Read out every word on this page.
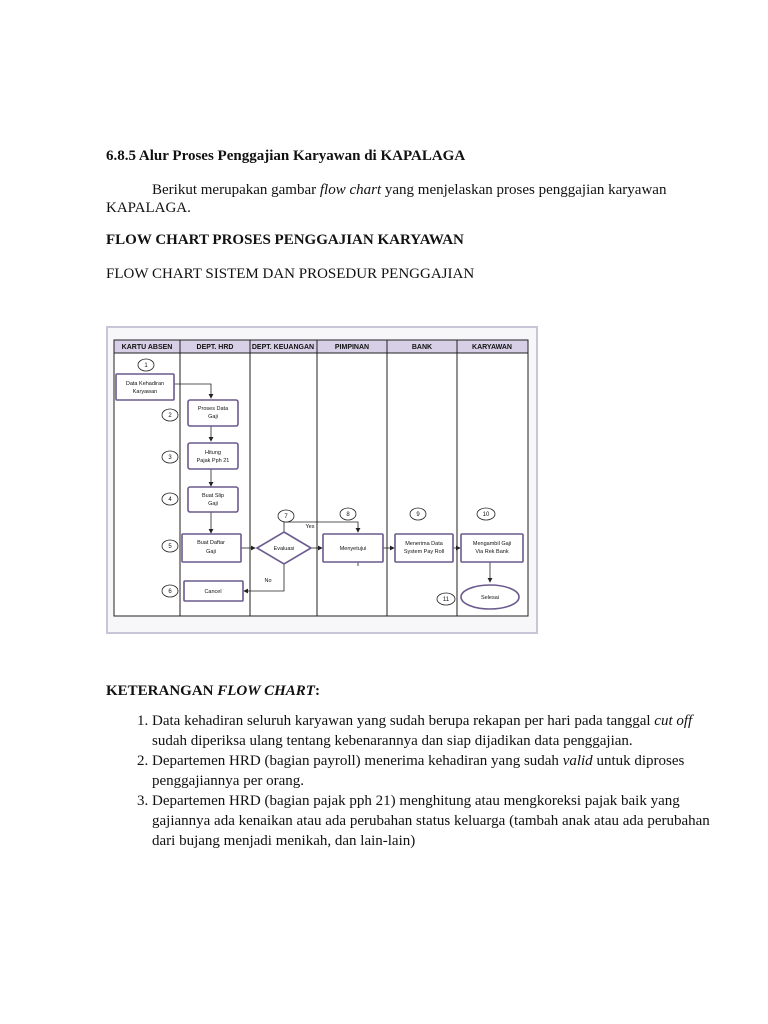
6.8.5 Alur Proses Penggajian Karyawan di KAPALAGA

Berikut merupakan gambar flow chart yang menjelaskan proses penggajian karyawan

KAPALAGA.

FLOW CHART PROSES PENGGAJIAN KARYAWAN

FLOW CHART SISTEM DAN PROSEDUR PENGGAJIAN

KARTU ABSEN	DEPT. HRD	DEPT. KEUANGAN	PIMPINAN	BANK	KARYAWAN
1
2
3
4
5
6
7	8	9	10
11
Data Kehadiran
Karyawan
Proses Data
Gaji
Hitung
Pajak Pph 21
Buat Slip
Gaji
Buat Daftar
Gaji
Cancel
Evaluasi	Menyetujui
Menerima Data
System Pay Roll
Mengambil Gaji
Via Rek Bank
Selesai
Yes
No

KETERANGAN FLOW CHART:

1. Data kehadiran seluruh karyawan yang sudah berupa rekapan per hari pada tanggal cut off sudah diperiksa ulang tentang kebenarannya dan siap dijadikan data penggajian.
2. Departemen HRD (bagian payroll) menerima kehadiran yang sudah valid untuk diproses penggajiannya per orang.
3. Departemen HRD (bagian pajak pph 21) menghitung atau mengkoreksi pajak baik yang gajiannya ada kenaikan atau ada perubahan status keluarga (tambah anak atau ada perubahan dari bujang menjadi menikah, dan lain-lain)
